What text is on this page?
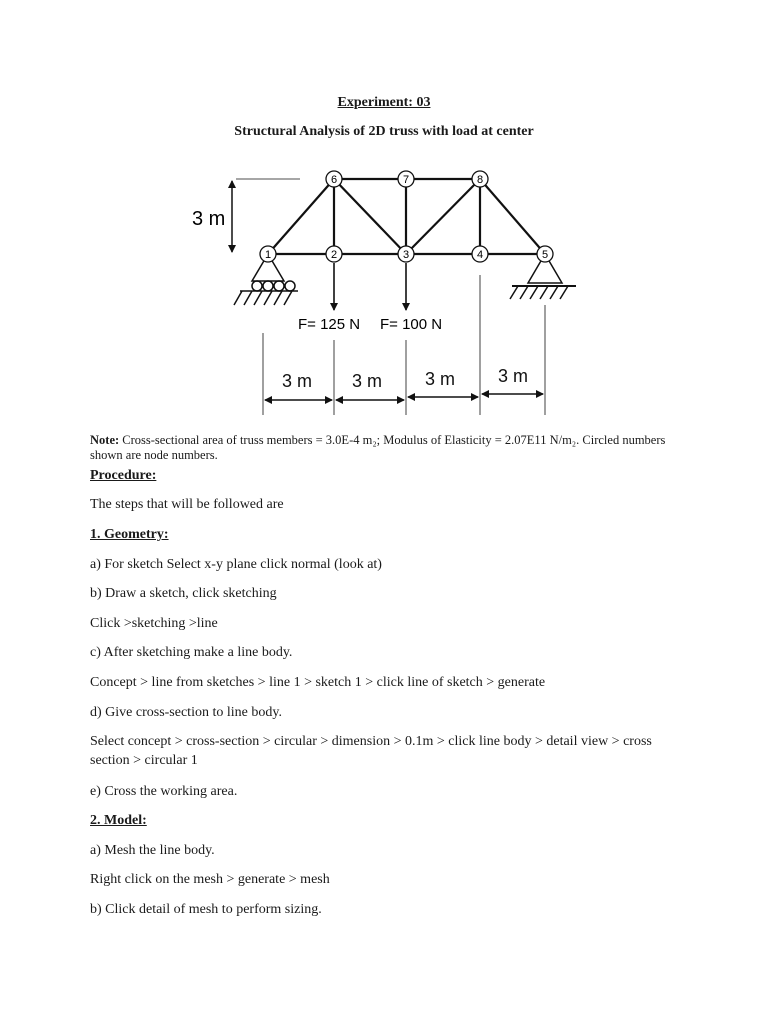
Experiment: 03
Structural Analysis of 2D truss with load at center
3 m
F= 125 N F= 100 N
1	2	3	4	5
6	7	8
3 m 3 m 3 m 3 m
Note: Cross-sectional area of truss members = 3.0E-4 m₂; Modulus of Elasticity = 2.07E11 N/m₂. Circled numbers shown are node numbers.
Procedure:
The steps that will be followed are
1. Geometry:
a) For sketch Select x-y plane click normal (look at)
b) Draw a sketch, click sketching
Click >sketching >line
c) After sketching make a line body.
Concept > line from sketches > line 1 > sketch 1 > click line of sketch > generate
d) Give cross-section to line body.
Select concept > cross-section > circular > dimension > 0.1m > click line body > detail view > cross section > circular 1
e) Cross the working area.
2. Model:
a) Mesh the line body.
Right click on the mesh > generate > mesh
b) Click detail of mesh to perform sizing.
